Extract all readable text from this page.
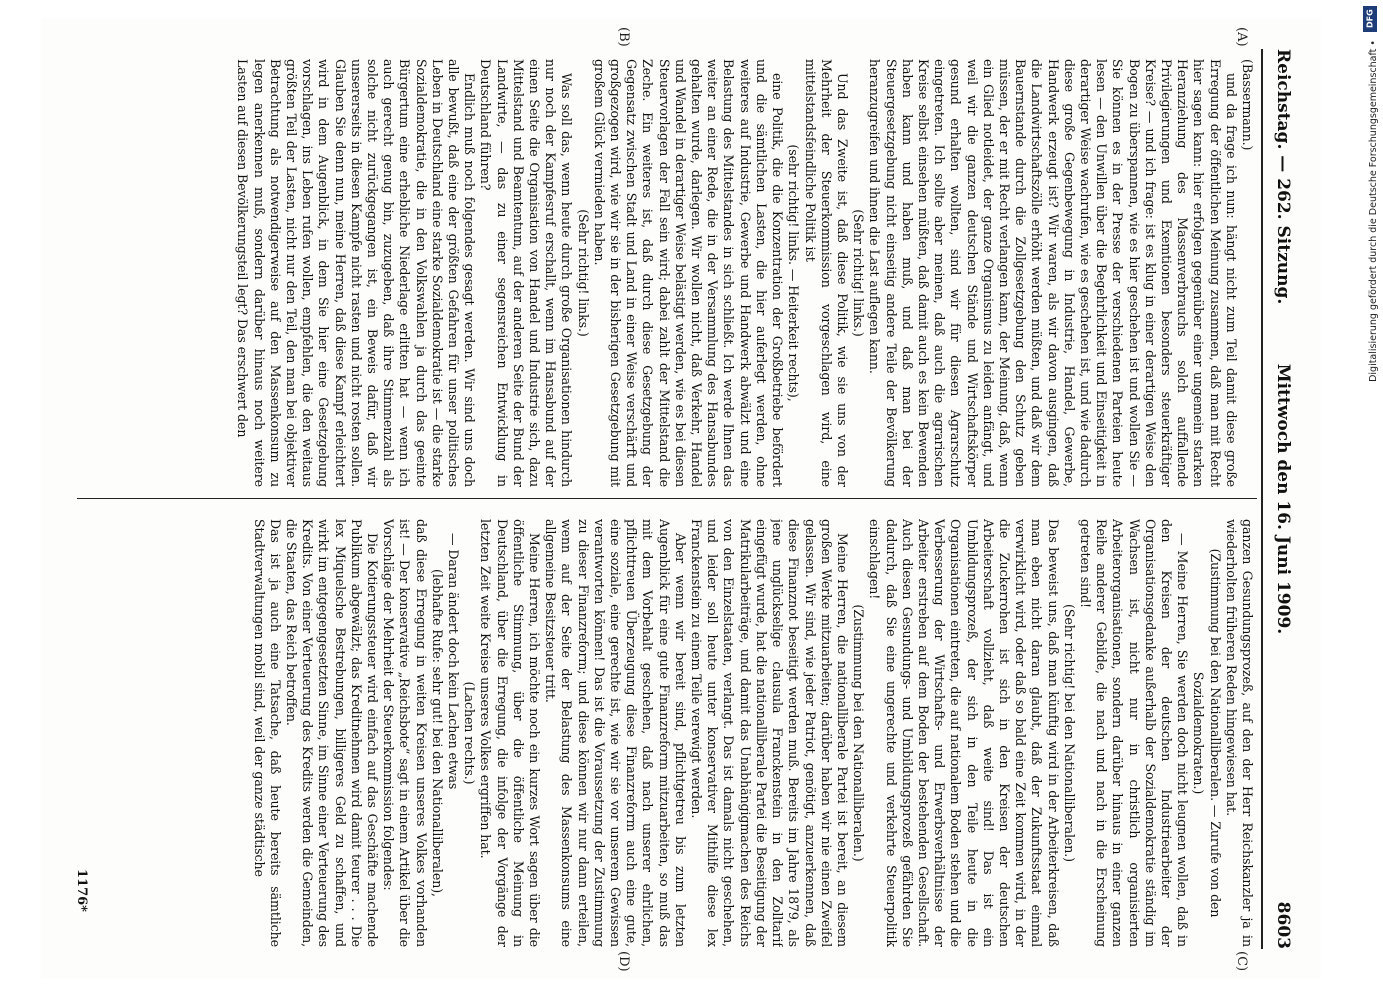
Reichstag. — 262. Sitzung.
Mittwoch den 16. Juni 1909.
8603
(A)
(B)
(C)
(D)

(Bassermann.)

und da frage ich nun: hängt nicht zum Teil damit diese große Erregung der öffentlichen Meinung zusammen, daß man mit Recht hier sagen kann: hier erfolgen gegenüber einer ungemein starken Heranziehung des Massenverbrauchs solch auffallende Privilegierungen und Exemtionen besonders steuerkräftiger Kreise? — und ich frage: ist es klug in einer derartigen Weise den Bogen zu überspannen, wie es hier geschehen ist und wollen Sie — Sie können es in der Presse der verschiedenen Parteien heute lesen — den Unwillen über die Begehrlichkeit und Einseitigkeit in derartiger Weise wachrufen, wie es geschehen ist, und wie dadurch diese große Gegenbewegung in Industrie, Handel, Gewerbe, Handwerk erzeugt ist? Wir waren, als wir davon ausgingen, daß die Landwirtschaftszölle erhöht werden müßten, und daß wir dem Bauernstande durch die Zollgesetzgebung den Schutz geben müssen, der er mit Recht verlangen kann, der Meinung, daß, wenn ein Glied notleidet, der ganze Organismus zu leiden anfängt, und weil wir die ganzen deutschen Stände und Wirtschaftskörper gesund erhalten wollten, sind wir für diesen Agrarschutz eingetreten. Ich sollte aber meinen, daß auch die agrarischen Kreise selbst einsehen müßten, daß damit auch es kein Bewenden haben kann und haben muß, und daß man bei der Steuergesetzgebung nicht einseitig andere Teile der Bevölkerung heranzugreifen und ihnen die Last auflegen kann.

(Sehr richtig! links.)

Und das Zweite ist, daß diese Politik, wie sie uns von der Mehrheit der Steuerkommission vorgeschlagen wird, eine mittelstandsfeindliche Politik ist

(sehr richtig! links. — Heiterkeit rechts),

eine Politik, die die Konzentration der Großbetriebe befördert und die sämtlichen Lasten, die hier auferlegt werden, ohne weiteres auf Industrie, Gewerbe und Handwerk abwälzt und eine Belastung des Mittelstandes in sich schließt. Ich werde Ihnen das weiter an einer Rede, die in der Versammlung des Hansabundes gehalten wurde, darlegen. Wir wollen nicht, daß Verkehr, Handel und Wandel in derartiger Weise belästigt werden, wie es bei diesen Steuervorlagen der Fall sein wird; dabei zahlt der Mittelstand die Zeche. Ein weiteres ist, daß durch diese Gesetzgebung der Gegensatz zwischen Stadt und Land in einer Weise verschärft und großgezogen wird, wie wir sie in der bisherigen Gesetzgebung mit großem Glück vermieden haben.

(Sehr richtig! links.)

Was soll das, wenn heute durch große Organisationen hindurch nur noch der Kampfesruf erschallt, wenn im Hansabund auf der einen Seite die Organisation von Handel und Industrie sich, dazu Mittelstand und Beamtentum, auf der anderen Seite der Bund der Landwirte, — das zu einer segensreichen Entwicklung in Deutschland führen?

Endlich muß noch folgendes gesagt werden. Wir sind uns doch alle bewußt, daß eine der größten Gefahren für unser politisches Leben in Deutschland eine starke Sozialdemokratie ist — die starke Sozialdemokratie, die in den Volkswahlen ja durch das geeinte Bürgertum eine erhebliche Niederlage erlitten hat — wenn ich auch gerecht genug bin, zuzugeben, daß ihre Stimmenzahl als solche nicht zurückgegangen ist, ein Beweis dafür, daß wir unsererseits in diesen Kampfe nicht rasten und nicht rosten sollen. Glauben Sie denn nun, meine Herren, daß diese Kampf erleichtert wird in dem Augenblick, in dem Sie hier eine Gesetzgebung vorschlagen, ins Leben rufen wollen, empfehlen, die den weitaus größten Teil der Lasten, nicht nur den Teil, den man bei objektiver Betrachtung als notwendigerweise auf den Massenkonsum zu legen anerkennen muß, sondern darüber hinaus noch weitere Lasten auf diesen Bevölkerungsteil legt? Das erschwert den

ganzen Gesundungsprozeß, auf den der Herr Reichskanzler ja in wiederholten früheren Reden hingewiesen hat.

(Zustimmung bei den Nationalliberalen. — Zurufe von den Sozialdemokraten.)

— Meine Herren, Sie werden doch nicht leugnen wollen, daß in den Kreisen der deutschen Industriearbeiter der Organisationsgedanke außerhalb der Sozialdemokratie ständig im Wachsen ist, nicht nur in christlich organisierten Arbeiterorganisationen, sondern darüber hinaus in einer ganzen Reihe anderer Gebilde, die nach und nach in die Erscheinung getreten sind!

(Sehr richtig! bei den Nationalliberalen.)

Das beweist uns, daß man künftig wird in der Arbeiterkreisen, daß man eben nicht daran glaubt, daß der Zukunftsstaat einmal verwirklicht wird, oder daß so bald eine Zeit kommen wird, in der die Zuckerrohen ist sich in den Kreisen der deutschen Arbeiterschaft vollzieht, daß weite sind! Das ist ein Umbildungsprozeß, der sich in den Teile heute in die Organisationen eintreten, die auf nationalem Boden stehen und die Verbesserung der Wirtschafts- und Erwerbsverhältnisse der Arbeiter erstreben auf dem Boden der bestehenden Gesellschaft. Auch diesen Gesundungs- und Umbildungsprozeß gefährden Sie dadurch, daß Sie eine ungerechte und verkehrte Steuerpolitik einschlagen!

(Zustimmung bei den Nationalliberalen.)

Meine Herren, die nationalliberale Partei ist bereit, an diesem großen Werke mitzuarbeiten; darüber haben wir nie einen Zweifel gelassen. Wir sind, wie jeder Patriot, genötigt, anzuerkennen, daß diese Finanznot beseitigt werden muß. Bereits im Jahre 1879, als jene unglückselige clausula Franckenstein in den Zolltarif eingefügt wurde, hat die nationalliberale Partei die Beseitigung der Matrikularbeiträge, und damit das Unabhängigmachen des Reichs von den Einzelstaaten, verlangt. Das ist damals nicht geschehen, und leider soll heute unter konservativer Mithilfe diese lex Franckenstein zu einem Teile verewigt werden.

Aber wenn wir bereit sind, pflichtgetreu bis zum letzten Augenblick für eine gute Finanzreform mitzuarbeiten, so muß das mit dem Vorbehalt geschehen, daß nach unserer ehrlichen, pflichttreuen Überzeugung diese Finanzreform auch eine gute, eine soziale, eine gerechte ist, wie wir sie vor unserem Gewissen verantworten können! Das ist die Voraussetzung der Zustimmung zu dieser Finanzreform; und diese können wir nur dann erteilen, wenn auf der Seite der Belastung des Massenkonsums eine allgemeine Besitzsteuer tritt.

Meine Herren, ich möchte noch ein kurzes Wort sagen über die öffentliche Stimmung, über die öffentliche Meinung in Deutschland, über die Erregung, die infolge der Vorgänge der letzten Zeit weite Kreise unseres Volkes ergriffen hat.

(Lachen rechts.)

— Daran ändert doch kein Lachen etwas

(lebhafte Rufe: sehr gut! bei den Nationalliberalen),

daß diese Erregung in weiten Kreisen unseres Volkes vorhanden ist! — Der konservative „Reichsbote“ sagt in einem Artikel über die Vorschläge der Mehrheit der Steuerkommission folgendes:

Die Kotierungssteuer wird einfach auf das Geschäfte machende Publikum abgewälzt; das Kreditnehmen wird damit teurer . . . Die lex Miquelsche Bestrebungen, billigeres Geld zu schaffen, und wirkt im entgegengesetzten Sinne, im Sinne einer Verteuerung des Kredits. Von einer Verteuerung des Kredits werden die Gemeinden, die Staaten, das Reich betroffen.

Das ist ja auch eine Tatsache, daß heute bereits sämtliche Stadtverwaltungen mobil sind, weil der ganze städtische

1176*
DFG
Digitalisierung gefördert durch die Deutsche Forschungsgemeinschaft •
